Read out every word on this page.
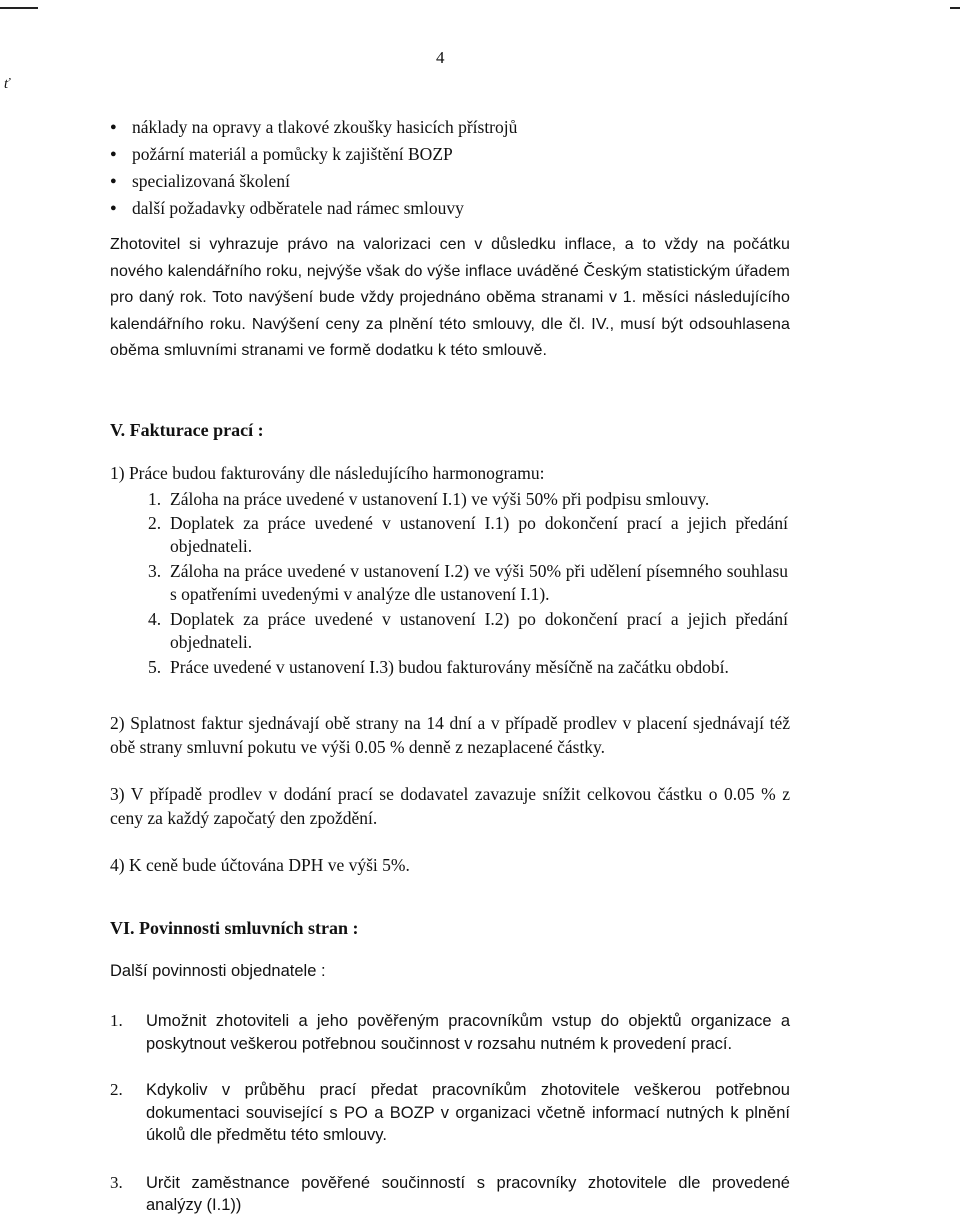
4
ť
● náklady na opravy a tlakové zkoušky hasicích přístrojů
● požární materiál a pomůcky k zajištění BOZP
● specializovaná školení
● další požadavky odběratele nad rámec smlouvy
Zhotovitel si vyhrazuje právo na valorizaci cen v důsledku inflace, a to vždy na počátku nového kalendářního roku, nejvýše však do výše inflace uváděné Českým statistickým úřadem pro daný rok. Toto navýšení bude vždy projednáno oběma stranami v 1. měsíci následujícího kalendářního roku. Navýšení ceny za plnění této smlouvy, dle čl. IV., musí být odsouhlasena oběma smluvními stranami ve formě dodatku k této smlouvě.
V. Fakturace prací :
1) Práce budou fakturovány dle následujícího harmonogramu:
1. Záloha na práce uvedené v ustanovení I.1) ve výši 50% při podpisu smlouvy.
2. Doplatek za práce uvedené v ustanovení I.1) po dokončení prací a jejich předání objednateli.
3. Záloha na práce uvedené v ustanovení I.2) ve výši 50% při udělení písemného souhlasu s opatřeními uvedenými v analýze dle ustanovení I.1).
4. Doplatek za práce uvedené v ustanovení I.2) po dokončení prací a jejich předání objednateli.
5. Práce uvedené v ustanovení I.3) budou fakturovány měsíčně na začátku období.
2) Splatnost faktur sjednávají obě strany na 14 dní a v případě prodlev v placení sjednávají též obě strany smluvní pokutu ve výši 0.05 % denně z nezaplacené částky.
3) V případě prodlev v dodání prací se dodavatel zavazuje snížit celkovou částku o 0.05 % z ceny za každý započatý den zpoždění.
4) K ceně bude účtována DPH ve výši 5%.
VI. Povinnosti smluvních stran :
Další povinnosti objednatele :
1. Umožnit zhotoviteli a jeho pověřeným pracovníkům vstup do objektů organizace a poskytnout veškerou potřebnou součinnost v rozsahu nutném k provedení prací.
2. Kdykoliv v průběhu prací předat pracovníkům zhotovitele veškerou potřebnou dokumentaci související s PO a BOZP v organizaci včetně informací nutných k plnění úkolů dle předmětu této smlouvy.
3. Určit zaměstnance pověřené součinností s pracovníky zhotovitele dle provedené analýzy (I.1))
